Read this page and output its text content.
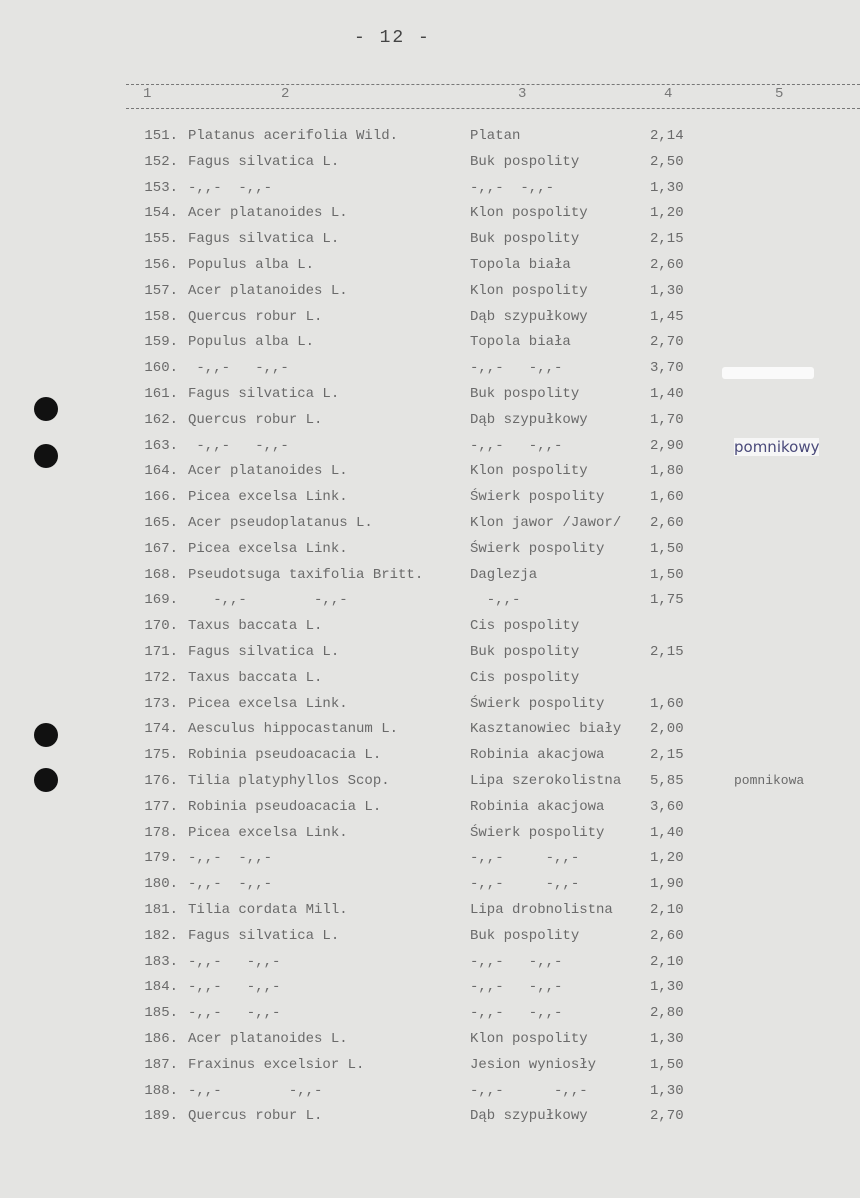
- 12 -
1	2	3	4	5
151. Platanus acerifolia Wild.	Platan	2,14
152. Fagus silvatica L.	Buk pospolity	2,50
153. -,,-  -,,-	-,,-  -,,-	1,30
154. Acer platanoides L.	Klon pospolity	1,20
155. Fagus silvatica L.	Buk pospolity	2,15
156. Populus alba L.	Topola biała	2,60
157. Acer platanoides L.	Klon pospolity	1,30
158. Quercus robur L.	Dąb szypułkowy	1,45
159. Populus alba L.	Topola biała	2,70
160. -,,-   -,,-	-,,-   -,,-	3,70
161. Fagus silvatica L.	Buk pospolity	1,40
162. Quercus robur L.	Dąb szypułkowy	1,70
163. -,,-   -,,-	-,,-   -,,-	2,90	pomnikowy
164. Acer platanoides L.	Klon pospolity	1,80
166. Picea excelsa Link.	Świerk pospolity	1,60
165. Acer pseudoplatanus L.	Klon jawor /Jawor/ 2,60
167. Picea excelsa Link.	Świerk pospolity	1,50
168. Pseudotsuga taxifolia Britt.	Daglezja	1,50
169. -,,-        -,,-	-,,-	1,75
170. Taxus baccata L.	Cis pospolity
171. Fagus silvatica L.	Buk pospolity	2,15
172. Taxus baccata L.	Cis pospolity
173. Picea excelsa Link.	Świerk pospolity	1,60
174. Aesculus hippocastanum L.	Kasztanowiec biały 2,00
175. Robinia pseudoacacia L.	Robinia akacjowa	2,15
176. Tilia platyphyllos Scop.	Lipa szerokolistna 5,85	pomnikowa
177. Robinia pseudoacacia L.	Robinia akacjowa	3,60
178. Picea excelsa Link.	Świerk pospolity	1,40
179. -,,-  -,,-	-,,-     -,,-	1,20
180. -,,-  -,,-	-,,-     -,,-	1,90
181. Tilia cordata Mill.	Lipa drobnolistna	2,10
182. Fagus silvatica L.	Buk pospolity	2,60
183. -,,-   -,,-	-,,-   -,,-	2,10
184. -,,-   -,,-	-,,-   -,,-	1,30
185. -,,-   -,,-	-,,-   -,,-	2,80
186. Acer platanoides L.	Klon pospolity	1,30
187. Fraxinus excelsior L.	Jesion wyniosły	1,50
188. -,,-        -,,-	-,,-      -,,-	1,30
189. Quercus robur L.	Dąb szypułkowy	2,70
